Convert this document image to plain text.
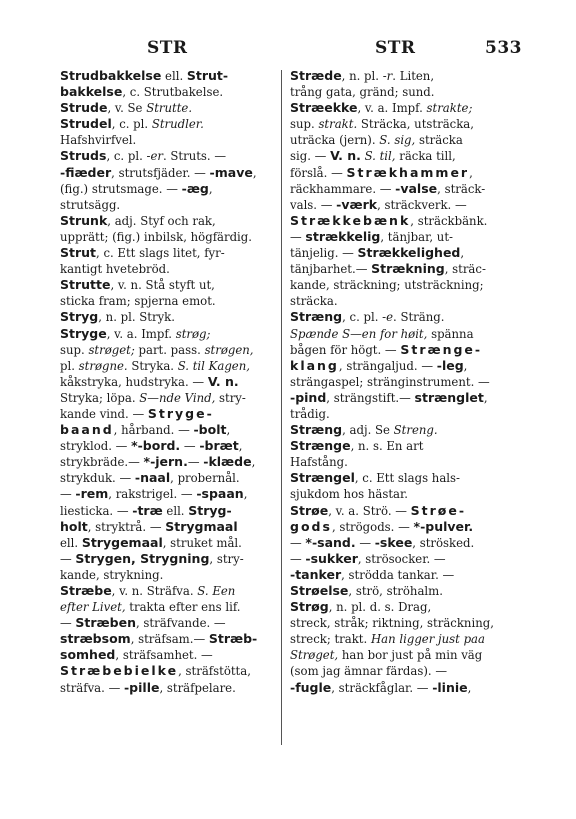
STR	STR	533
Strudbakkelse ell. Strut-
bakkelse, c. Strutbakelse.
Strude, v. Se Strutte.
Strudel, c. pl. Strudler.
Hafshvirfvel.
Struds, c. pl. -er. Struts. —
-fiæder, strutsfjäder. — -mave,
(fig.) strutsmage. — -æg,
strutsägg.
Strunk, adj. Styf och rak,
upprätt; (fig.) inbilsk, högfärdig.
Strut, c. Ett slags litet, fyr-
kantigt hvetebröd.
Strutte, v. n. Stå styft ut,
sticka fram; spjerna emot.
Stryg, n. pl. Stryk.
Stryge, v. a. Impf. strøg;
sup. strøget; part. pass. strøgen,
pl. strøgne. Stryka. S. til Kagen,
kåkstryka, hudstryka. — V. n.
Stryka; löpa. S—nde Vind, stry-
kande vind. — Stryge-
baand, hårband. — -bolt,
stryklod. — *-bord. — -bræt,
strykbräde.— *-jern.— -klæde,
strykduk. — -naal, probernål.
— -rem, rakstrigel. — -spaan,
liesticka. — -træ ell. Stryg-
holt, stryktrå. — Strygmaal
ell. Strygemaal, struket mål.
— Strygen, Strygning, stry-
kande, strykning.
Stræbe, v. n. Sträfva. S. Een
efter Livet, trakta efter ens lif.
— Stræben, sträfvande. —
stræbsom, sträfsam.— Stræb-
somhed, sträfsamhet. —
Stræbebielke, sträfstötta,
sträfva. — -pille, sträfpelare.
Stræde, n. pl. -r. Liten,
trång gata, gränd; sund.
Stræekke, v. a. Impf. strakte;
sup. strakt. Sträcka, utsträcka,
uträcka (jern). S. sig, sträcka
sig. — V. n. S. til, räcka till,
förslå. — Strækhammer,
räckhammare. — -valse, sträck-
vals. — -værk, sträckverk. —
Strækkebænk, sträckbänk.
— strækkelig, tänjbar, ut-
tänjelig. — Strækkelighed,
tänjbarhet.— Strækning, sträc-
kande, sträckning; utsträckning;
sträcka.
Stræng, c. pl. -e. Sträng.
Spænde S—en for høit, spänna
bågen för högt. — Strænge-
klang, strängaljud. — -leg,
strängaspel; stränginstrument. —
-pind, strängstift.— strænglet,
trådig.
Stræng, adj. Se Streng.
Strænge, n. s. En art
Hafstång.
Strængel, c. Ett slags hals-
sjukdom hos hästar.
Strøe, v. a. Strö. — Strøe-
gods, strögods. — *-pulver.
— *-sand. — -skee, strösked.
— -sukker, strösocker. —
-tanker, strödda tankar. —
Strøelse, strö, ströhalm.
Strøg, n. pl. d. s. Drag,
streck, stråk; riktning, sträckning,
streck; trakt. Han ligger just paa
Strøget, han bor just på min väg
(som jag ämnar färdas). —
-fugle, sträckfåglar. — -linie,
